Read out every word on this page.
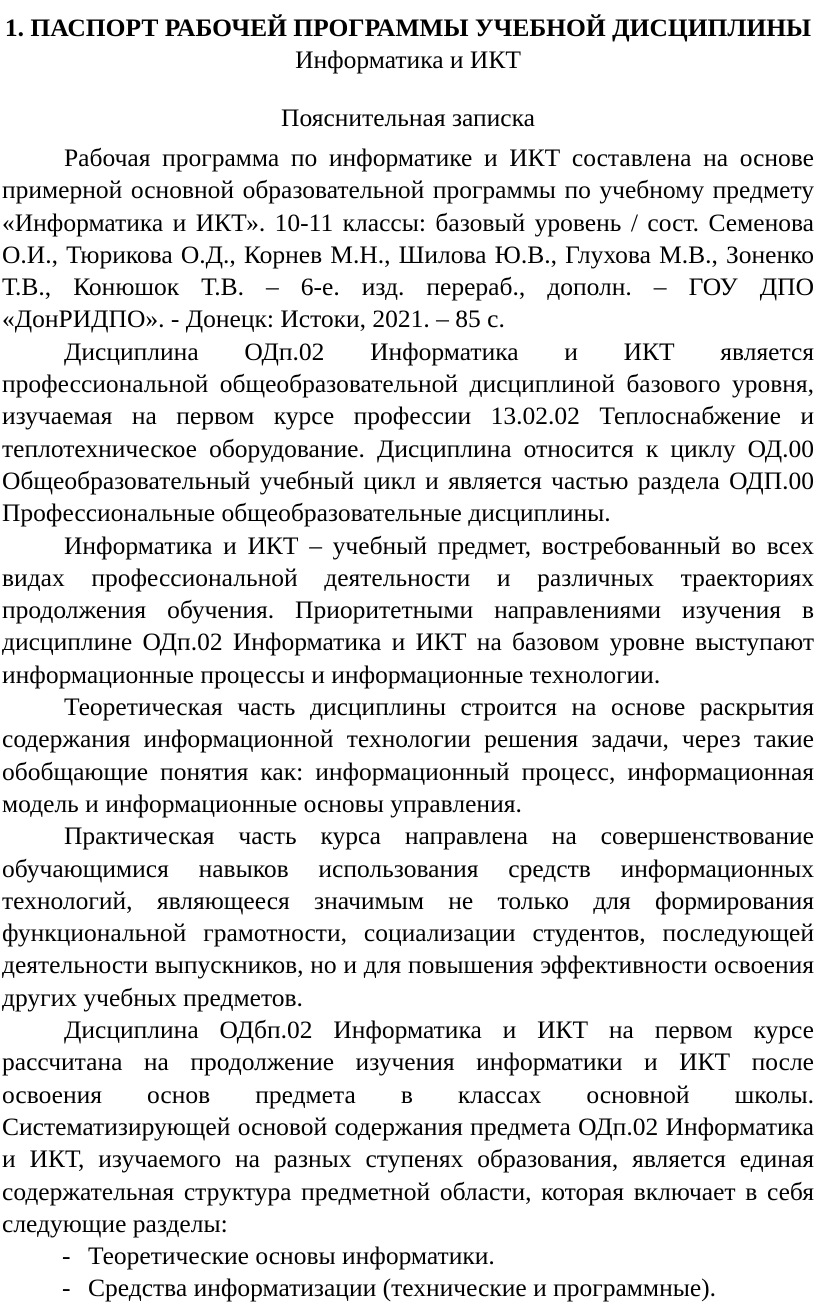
1. ПАСПОРТ РАБОЧЕЙ ПРОГРАММЫ УЧЕБНОЙ ДИСЦИПЛИНЫ
Информатика и ИКТ
Пояснительная записка

Рабочая программа по информатике и ИКТ составлена на основе примерной основной образовательной программы по учебному предмету «Информатика и ИКТ». 10-11 классы: базовый уровень / сост. Семенова О.И., Тюрикова О.Д., Корнев М.Н., Шилова Ю.В., Глухова М.В., Зоненко Т.В., Конюшок Т.В. – 6-е. изд. перераб., дополн. – ГОУ ДПО «ДонРИДПО». - Донецк: Истоки, 2021. – 85 с.

Дисциплина ОДп.02 Информатика и ИКТ является профессиональной общеобразовательной дисциплиной базового уровня, изучаемая на первом курсе профессии 13.02.02 Теплоснабжение и теплотехническое оборудование. Дисциплина относится к циклу ОД.00 Общеобразовательный учебный цикл и является частью раздела ОДП.00 Профессиональные общеобразовательные дисциплины.

Информатика и ИКТ – учебный предмет, востребованный во всех видах профессиональной деятельности и различных траекториях продолжения обучения. Приоритетными направлениями изучения в дисциплине ОДп.02 Информатика и ИКТ на базовом уровне выступают информационные процессы и информационные технологии.

Теоретическая часть дисциплины строится на основе раскрытия содержания информационной технологии решения задачи, через такие обобщающие понятия как: информационный процесс, информационная модель и информационные основы управления.

Практическая часть курса направлена на совершенствование обучающимися навыков использования средств информационных технологий, являющееся значимым не только для формирования функциональной грамотности, социализации студентов, последующей деятельности выпускников, но и для повышения эффективности освоения других учебных предметов.

Дисциплина ОДбп.02 Информатика и ИКТ на первом курсе рассчитана на продолжение изучения информатики и ИКТ после освоения основ предмета в классах основной школы. Систематизирующей основой содержания предмета ОДп.02 Информатика и ИКТ, изучаемого на разных ступенях образования, является единая содержательная структура предметной области, которая включает в себя следующие разделы:

- Теоретические основы информатики.
- Средства информатизации (технические и программные).
